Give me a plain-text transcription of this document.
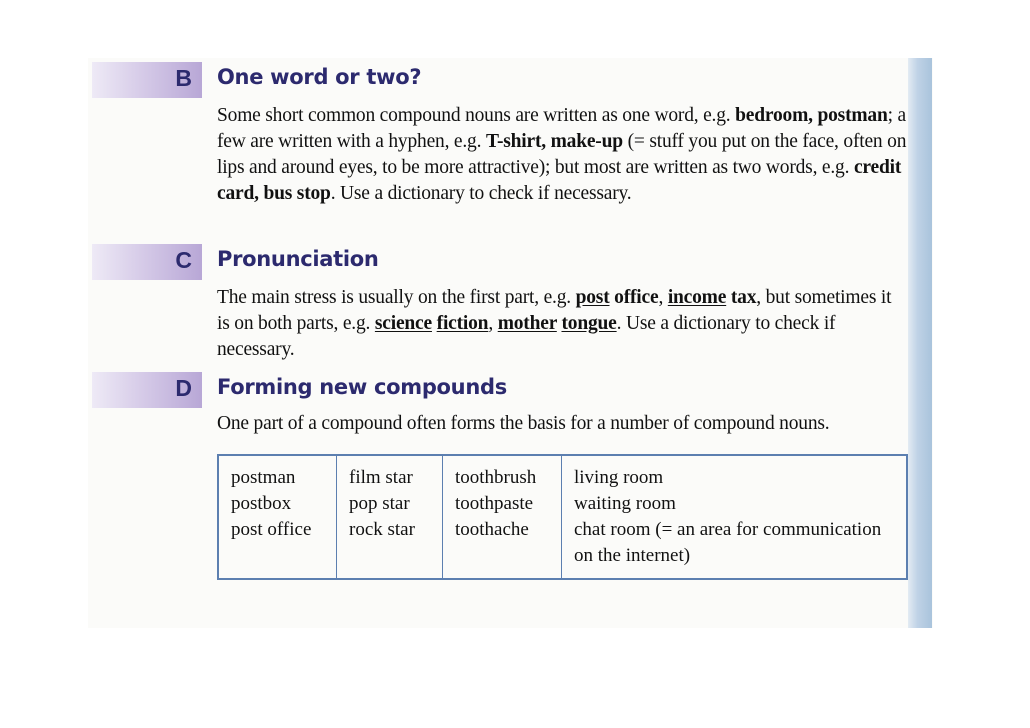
B One word or two?
Some short common compound nouns are written as one word, e.g. bedroom, postman; a few are written with a hyphen, e.g. T-shirt, make-up (= stuff you put on the face, often on lips and around eyes, to be more attractive); but most are written as two words, e.g. credit card, bus stop. Use a dictionary to check if necessary.
C Pronunciation
The main stress is usually on the first part, e.g. post office, income tax, but sometimes it is on both parts, e.g. science fiction, mother tongue. Use a dictionary to check if necessary.
D Forming new compounds
One part of a compound often forms the basis for a number of compound nouns.
postman
postbox
post office

film star
pop star
rock star

toothbrush
toothpaste
toothache

living room
waiting room
chat room (= an area for communication on the internet)
